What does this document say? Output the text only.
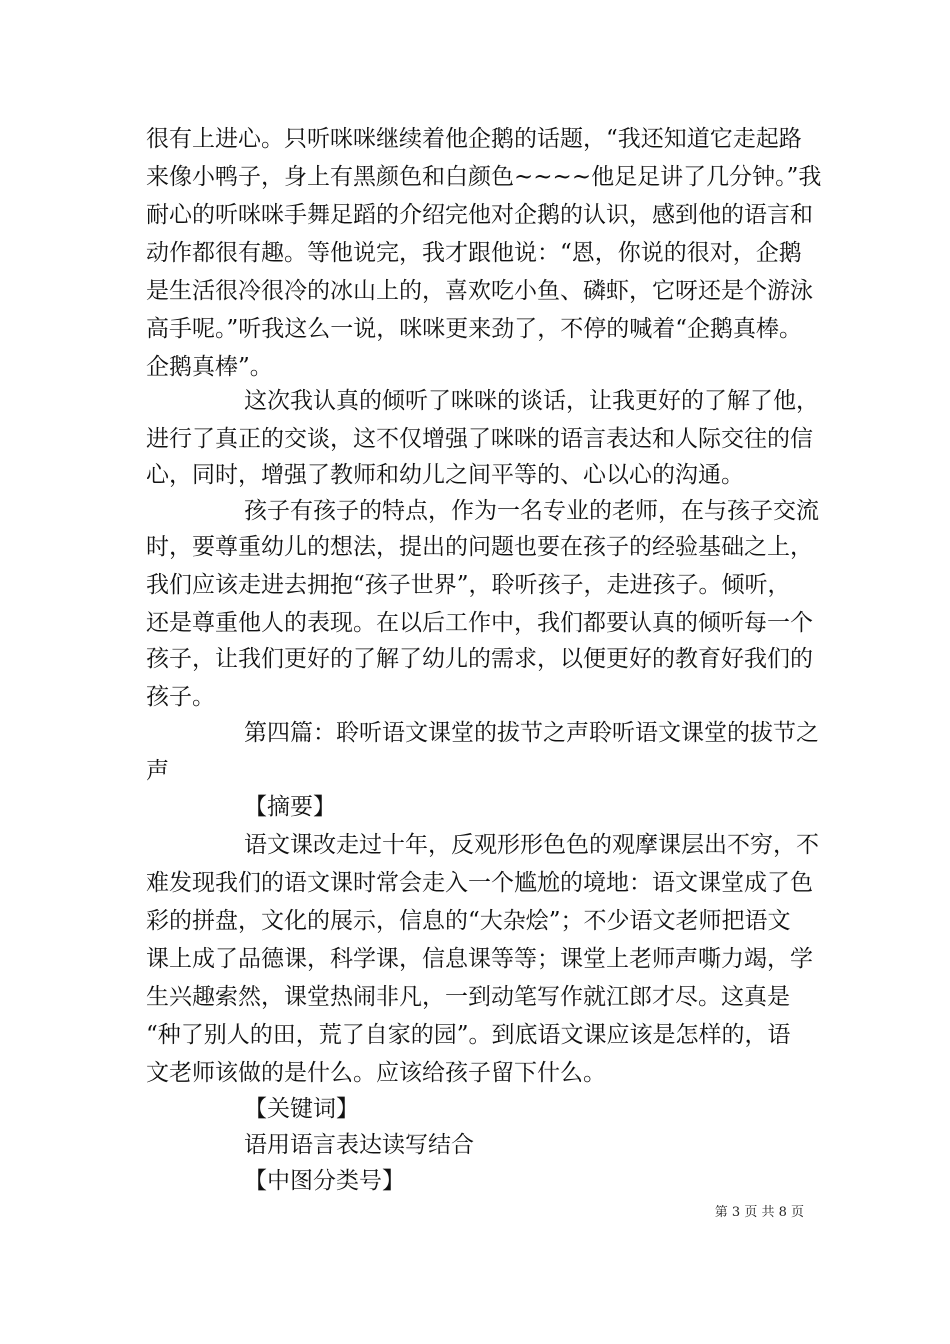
很有上进心。只听咪咪继续着他企鹅的话题，“我还知道它走起路
来像小鸭子，身上有黑颜色和白颜色~~~~他足足讲了几分钟。”我
耐心的听咪咪手舞足蹈的介绍完他对企鹅的认识，感到他的语言和
动作都很有趣。等他说完，我才跟他说：“恩，你说的很对，企鹅
是生活很冷很冷的冰山上的，喜欢吃小鱼、磷虾，它呀还是个游泳
高手呢。”听我这么一说，咪咪更来劲了，不停的喊着“企鹅真棒。
企鹅真棒”。
这次我认真的倾听了咪咪的谈话，让我更好的了解了他，
进行了真正的交谈，这不仅增强了咪咪的语言表达和人际交往的信
心，同时，增强了教师和幼儿之间平等的、心以心的沟通。
孩子有孩子的特点，作为一名专业的老师，在与孩子交流
时，要尊重幼儿的想法，提出的问题也要在孩子的经验基础之上，
我们应该走进去拥抱“孩子世界”，聆听孩子，走进孩子。倾听，
还是尊重他人的表现。在以后工作中，我们都要认真的倾听每一个
孩子，让我们更好的了解了幼儿的需求，以便更好的教育好我们的
孩子。
第四篇：聆听语文课堂的拔节之声聆听语文课堂的拔节之
声
【摘要】
语文课改走过十年，反观形形色色的观摩课层出不穷，不
难发现我们的语文课时常会走入一个尴尬的境地：语文课堂成了色
彩的拼盘，文化的展示，信息的“大杂烩”；不少语文老师把语文
课上成了品德课，科学课，信息课等等；课堂上老师声嘶力竭，学
生兴趣索然，课堂热闹非凡，一到动笔写作就江郎才尽。这真是
“种了别人的田，荒了自家的园”。到底语文课应该是怎样的，语
文老师该做的是什么。应该给孩子留下什么。
【关键词】
语用语言表达读写结合
【中图分类号】
第 3 页 共 8 页
